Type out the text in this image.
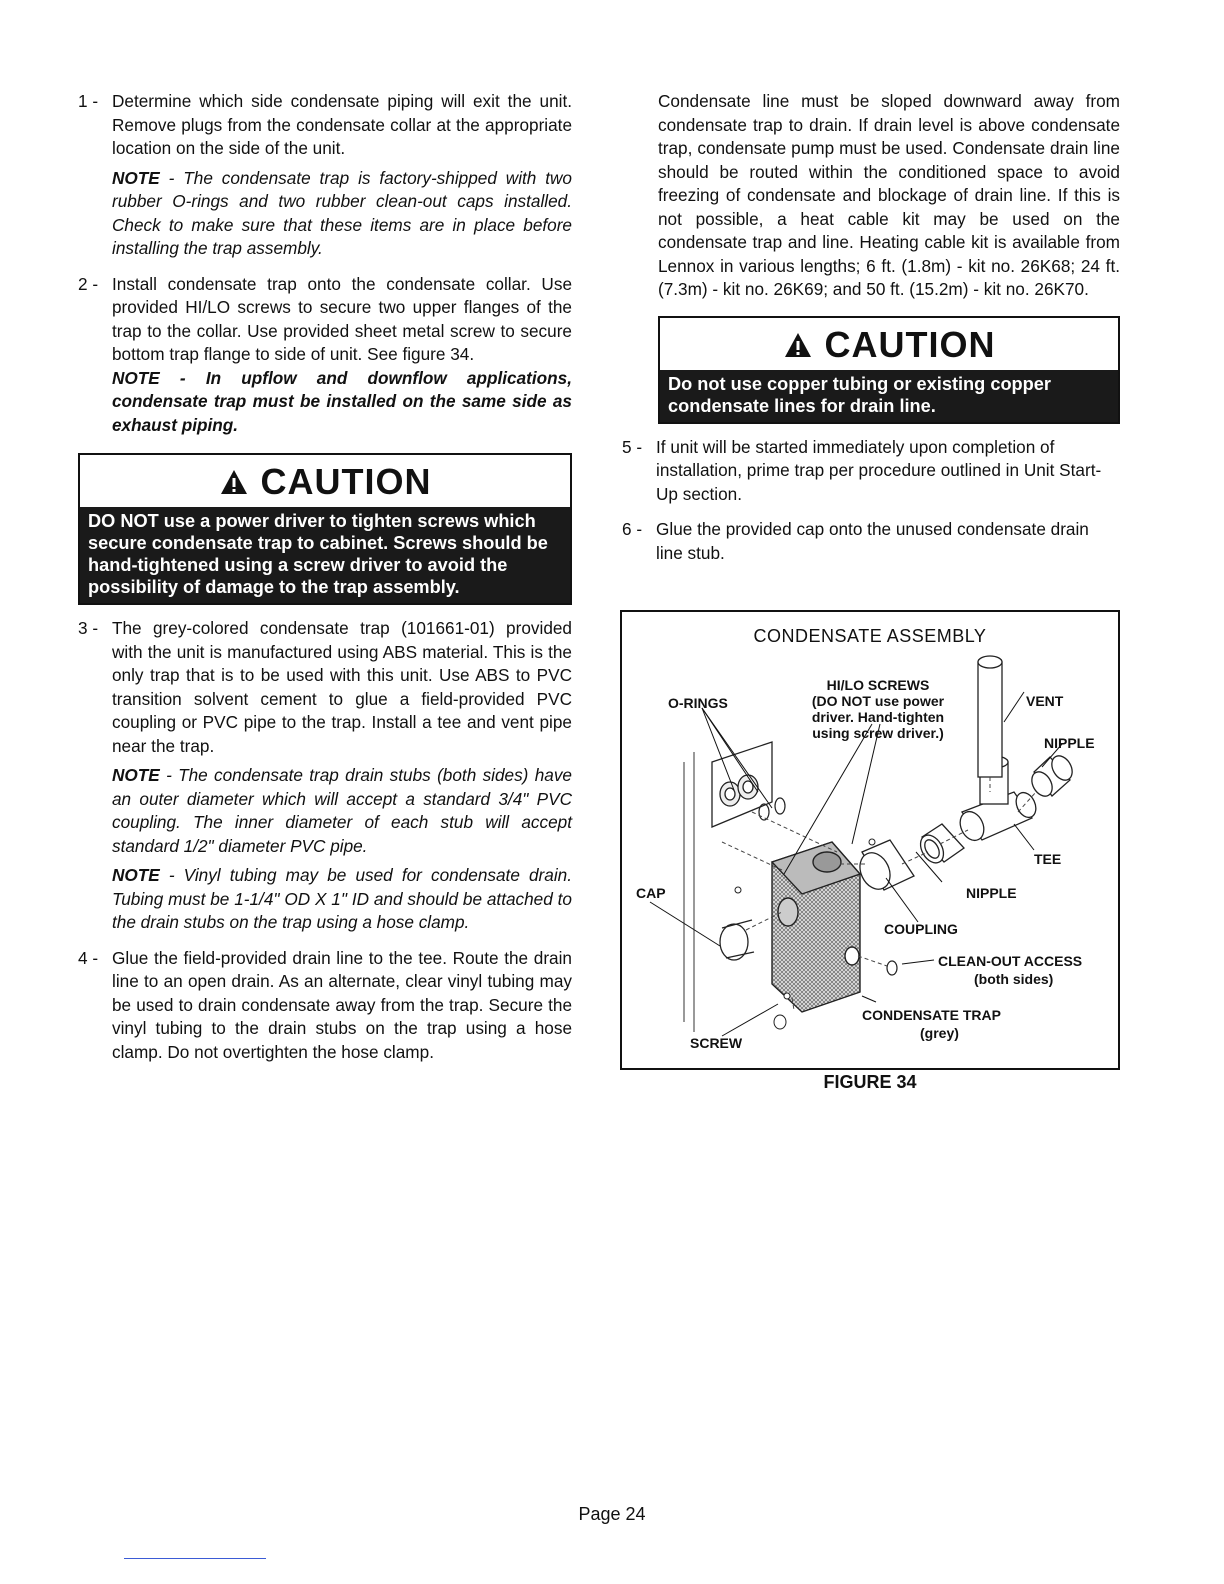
1 - Determine which side condensate piping will exit the unit. Remove plugs from the condensate collar at the appropriate location on the side of the unit.

NOTE - The condensate trap is factory-shipped with two rubber O-rings and two rubber clean-out caps installed. Check to make sure that these items are in place before installing the trap assembly.

2 - Install condensate trap onto the condensate collar. Use provided HI/LO screws to secure two upper flanges of the trap to the collar. Use provided sheet metal screw to secure bottom trap flange to side of unit. See figure 34.

NOTE - In upflow and downflow applications, condensate trap must be installed on the same side as exhaust piping.

CAUTION
DO NOT use a power driver to tighten screws which secure condensate trap to cabinet. Screws should be hand-tightened using a screw driver to avoid the possibility of damage to the trap assembly.
3 - The grey-colored condensate trap (101661-01) provided with the unit is manufactured using ABS material. This is the only trap that is to be used with this unit. Use ABS to PVC transition solvent cement to glue a field-provided PVC coupling or PVC pipe to the trap. Install a tee and vent pipe near the trap.

NOTE - The condensate trap drain stubs (both sides) have an outer diameter which will accept a standard 3/4" PVC coupling. The inner diameter of each stub will accept standard 1/2" diameter PVC pipe.

NOTE - Vinyl tubing may be used for condensate drain. Tubing must be 1-1/4" OD X 1" ID and should be attached to the drain stubs on the trap using a hose clamp.

4 - Glue the field-provided drain line to the tee. Route the drain line to an open drain. As an alternate, clear vinyl tubing may be used to drain condensate away from the trap. Secure the vinyl tubing to the drain stubs on the trap using a hose clamp. Do not overtighten the hose clamp.

Condensate line must be sloped downward away from condensate trap to drain. If drain level is above condensate trap, condensate pump must be used. Condensate drain line should be routed within the conditioned space to avoid freezing of condensate and blockage of drain line. If this is not possible, a heat cable kit may be used on the condensate trap and line. Heating cable kit is available from Lennox in various lengths; 6 ft. (1.8m) - kit no. 26K68; 24 ft. (7.3m) - kit no. 26K69; and 50 ft. (15.2m) - kit no. 26K70.

CAUTION
Do not use copper tubing or existing copper condensate lines for drain line.
5 - If unit will be started immediately upon completion of installation, prime trap per procedure outlined in Unit Start-Up section.

6 - Glue the provided cap onto the unused condensate drain line stub.

CONDENSATE ASSEMBLY
HI/LO SCREWS
(DO NOT use power
driver. Hand-tighten
using screw driver.)
O-RINGS	VENT
NIPPLE
TEE
CAP	NIPPLE
COUPLING
CLEAN-OUT ACCESS
(both sides)
CONDENSATE TRAP
(grey)
SCREW
FIGURE 34
Page 24
